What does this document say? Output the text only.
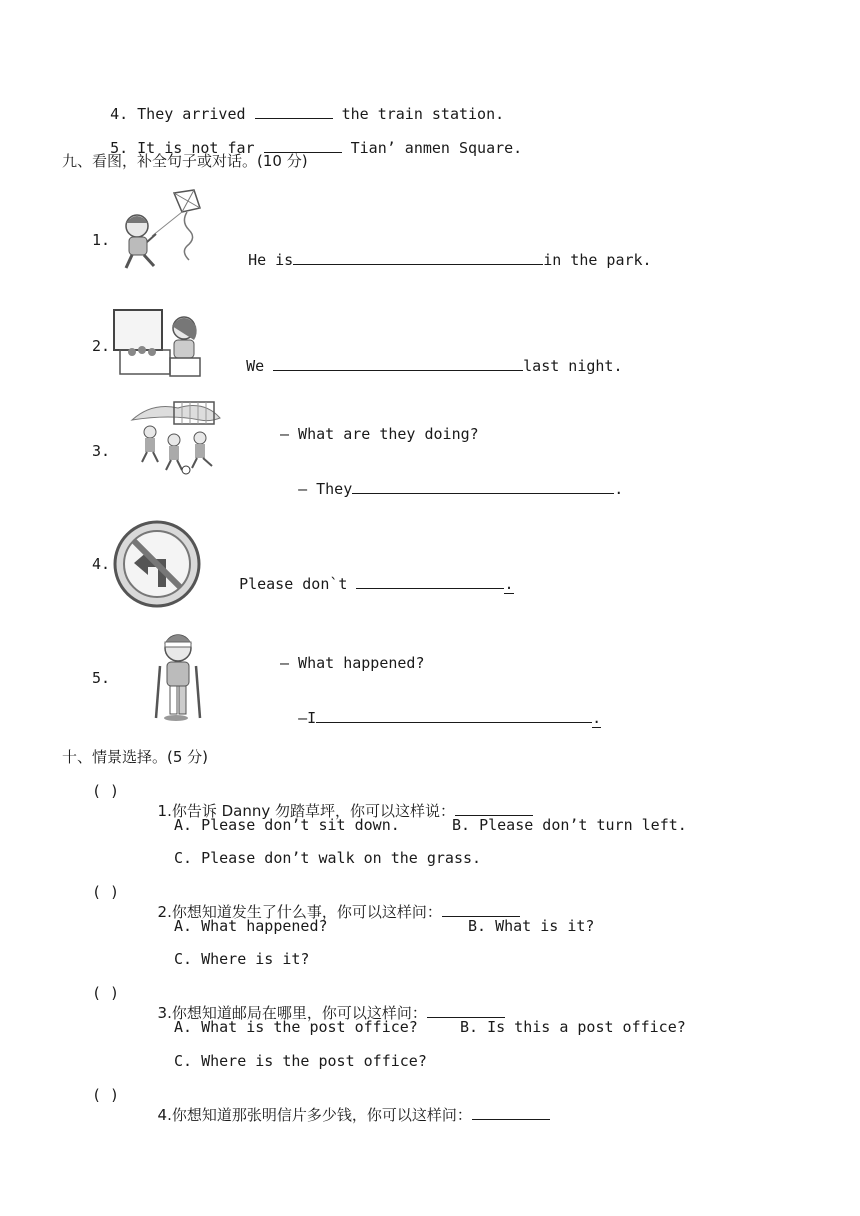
4. They arrived	the train station.

5. It is not far	Tian’ anmen Square.

九、看图，补全句子或对话。(10 分)
1.

He is	in the park.

2.

We	last night.

3.
— What are they doing?

— They	.

4.

Please don`t	.

5.
— What happened?

—I	.

十、情景选择。(5 分)
( )

1.你告诉 Danny 勿踏草坪，你可以这样说：

A. Please don’t sit down.	B. Please don’t turn left.
C. Please don’t walk on the grass.
( )

2.你想知道发生了什么事，你可以这样问：

A. What happened?	B. What is it?
C. Where is it?
( )

3.你想知道邮局在哪里，你可以这样问：

A. What is the post office?	B. Is this a post office?
C. Where is the post office?
( )

4.你想知道那张明信片多少钱，你可以这样问：
